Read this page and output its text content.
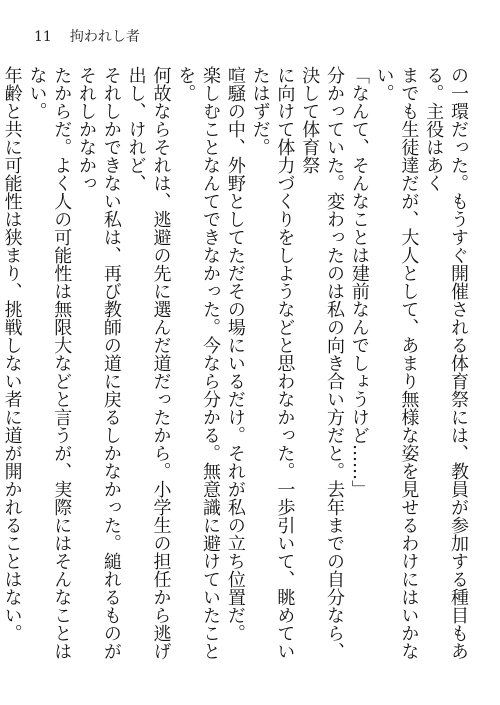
11 拘われし者

の一環だった。もうすぐ開催される体育祭には、教員が参加する種目もある。主役はあく

までも生徒達だが、大人として、あまり無様な姿を見せるわけにはいかない。

「なんて、そんなことは建前なんでしょうけど……」

分かっていた。変わったのは私の向き合い方だと。去年までの自分なら、決して体育祭

に向けて体力づくりをしようなどと思わなかった。一歩引いて、眺めていたはずだ。

喧騒の中、外野としてただその場にいるだけ。それが私の立ち位置だ。

楽しむことなんてできなかった。今なら分かる。無意識に避けていたことを。

何故ならそれは、逃避の先に選んだ道だったから。小学生の担任から逃げ出し、けれど、

それしかできない私は、再び教師の道に戻るしかなかった。縋れるものがそれしかなかっ

たからだ。よく人の可能性は無限大などと言うが、実際にはそんなことはない。

年齢と共に可能性は狭まり、挑戦しない者に道が開かれることはない。
